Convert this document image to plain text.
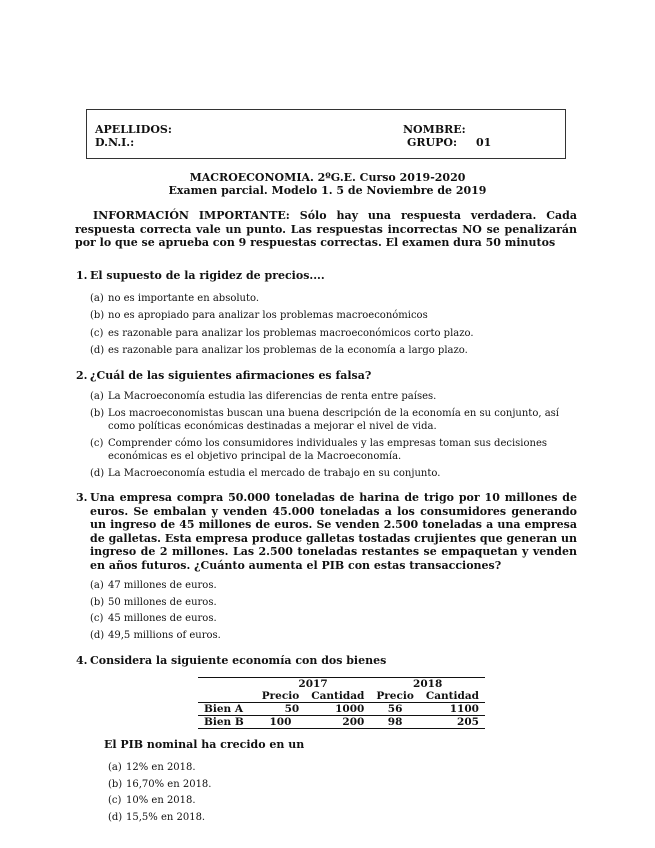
APELLIDOS:
D.N.I.:
NOMBRE:
GRUPO: 01
MACROECONOMIA. 2ºG.E. Curso 2019-2020
Examen parcial. Modelo 1. 5 de Noviembre de 2019
INFORMACIÓN IMPORTANTE: Sólo hay una respuesta verdadera. Cada respuesta correcta vale un punto. Las respuestas incorrectas NO se penalizarán por lo que se aprueba con 9 respuestas correctas. El examen dura 50 minutos
1. El supuesto de la rigidez de precios....
(a) no es importante en absoluto.
(b) no es apropiado para analizar los problemas macroeconómicos
(c) es razonable para analizar los problemas macroeconómicos corto plazo.
(d) es razonable para analizar los problemas de la economía a largo plazo.
2. ¿Cuál de las siguientes afirmaciones es falsa?
(a) La Macroeconomía estudia las diferencias de renta entre países.
(b) Los macroeconomistas buscan una buena descripción de la economía en su conjunto, así como políticas económicas destinadas a mejorar el nivel de vida.
(c) Comprender cómo los consumidores individuales y las empresas toman sus decisiones económicas es el objetivo principal de la Macroeconomía.
(d) La Macroeconomía estudia el mercado de trabajo en su conjunto.
3. Una empresa compra 50.000 toneladas de harina de trigo por 10 millones de euros. Se embalan y venden 45.000 toneladas a los consumidores generando un ingreso de 45 millones de euros. Se venden 2.500 toneladas a una empresa de galletas. Esta empresa produce galletas tostadas crujientes que generan un ingreso de 2 millones. Las 2.500 toneladas restantes se empaquetan y venden en años futuros. ¿Cuánto aumenta el PIB con estas transacciones?
(a) 47 millones de euros.
(b) 50 millones de euros.
(c) 45 millones de euros.
(d) 49,5 millions of euros.
4. Considera la siguiente economía con dos bienes
	2017		2018	
	Precio	Cantidad	Precio	Cantidad
Bien A	50	1000	56	1100
Bien B	100	200	98	205
El PIB nominal ha crecido en un
(a) 12% en 2018.
(b) 16,70% en 2018.
(c) 10% en 2018.
(d) 15,5% en 2018.
